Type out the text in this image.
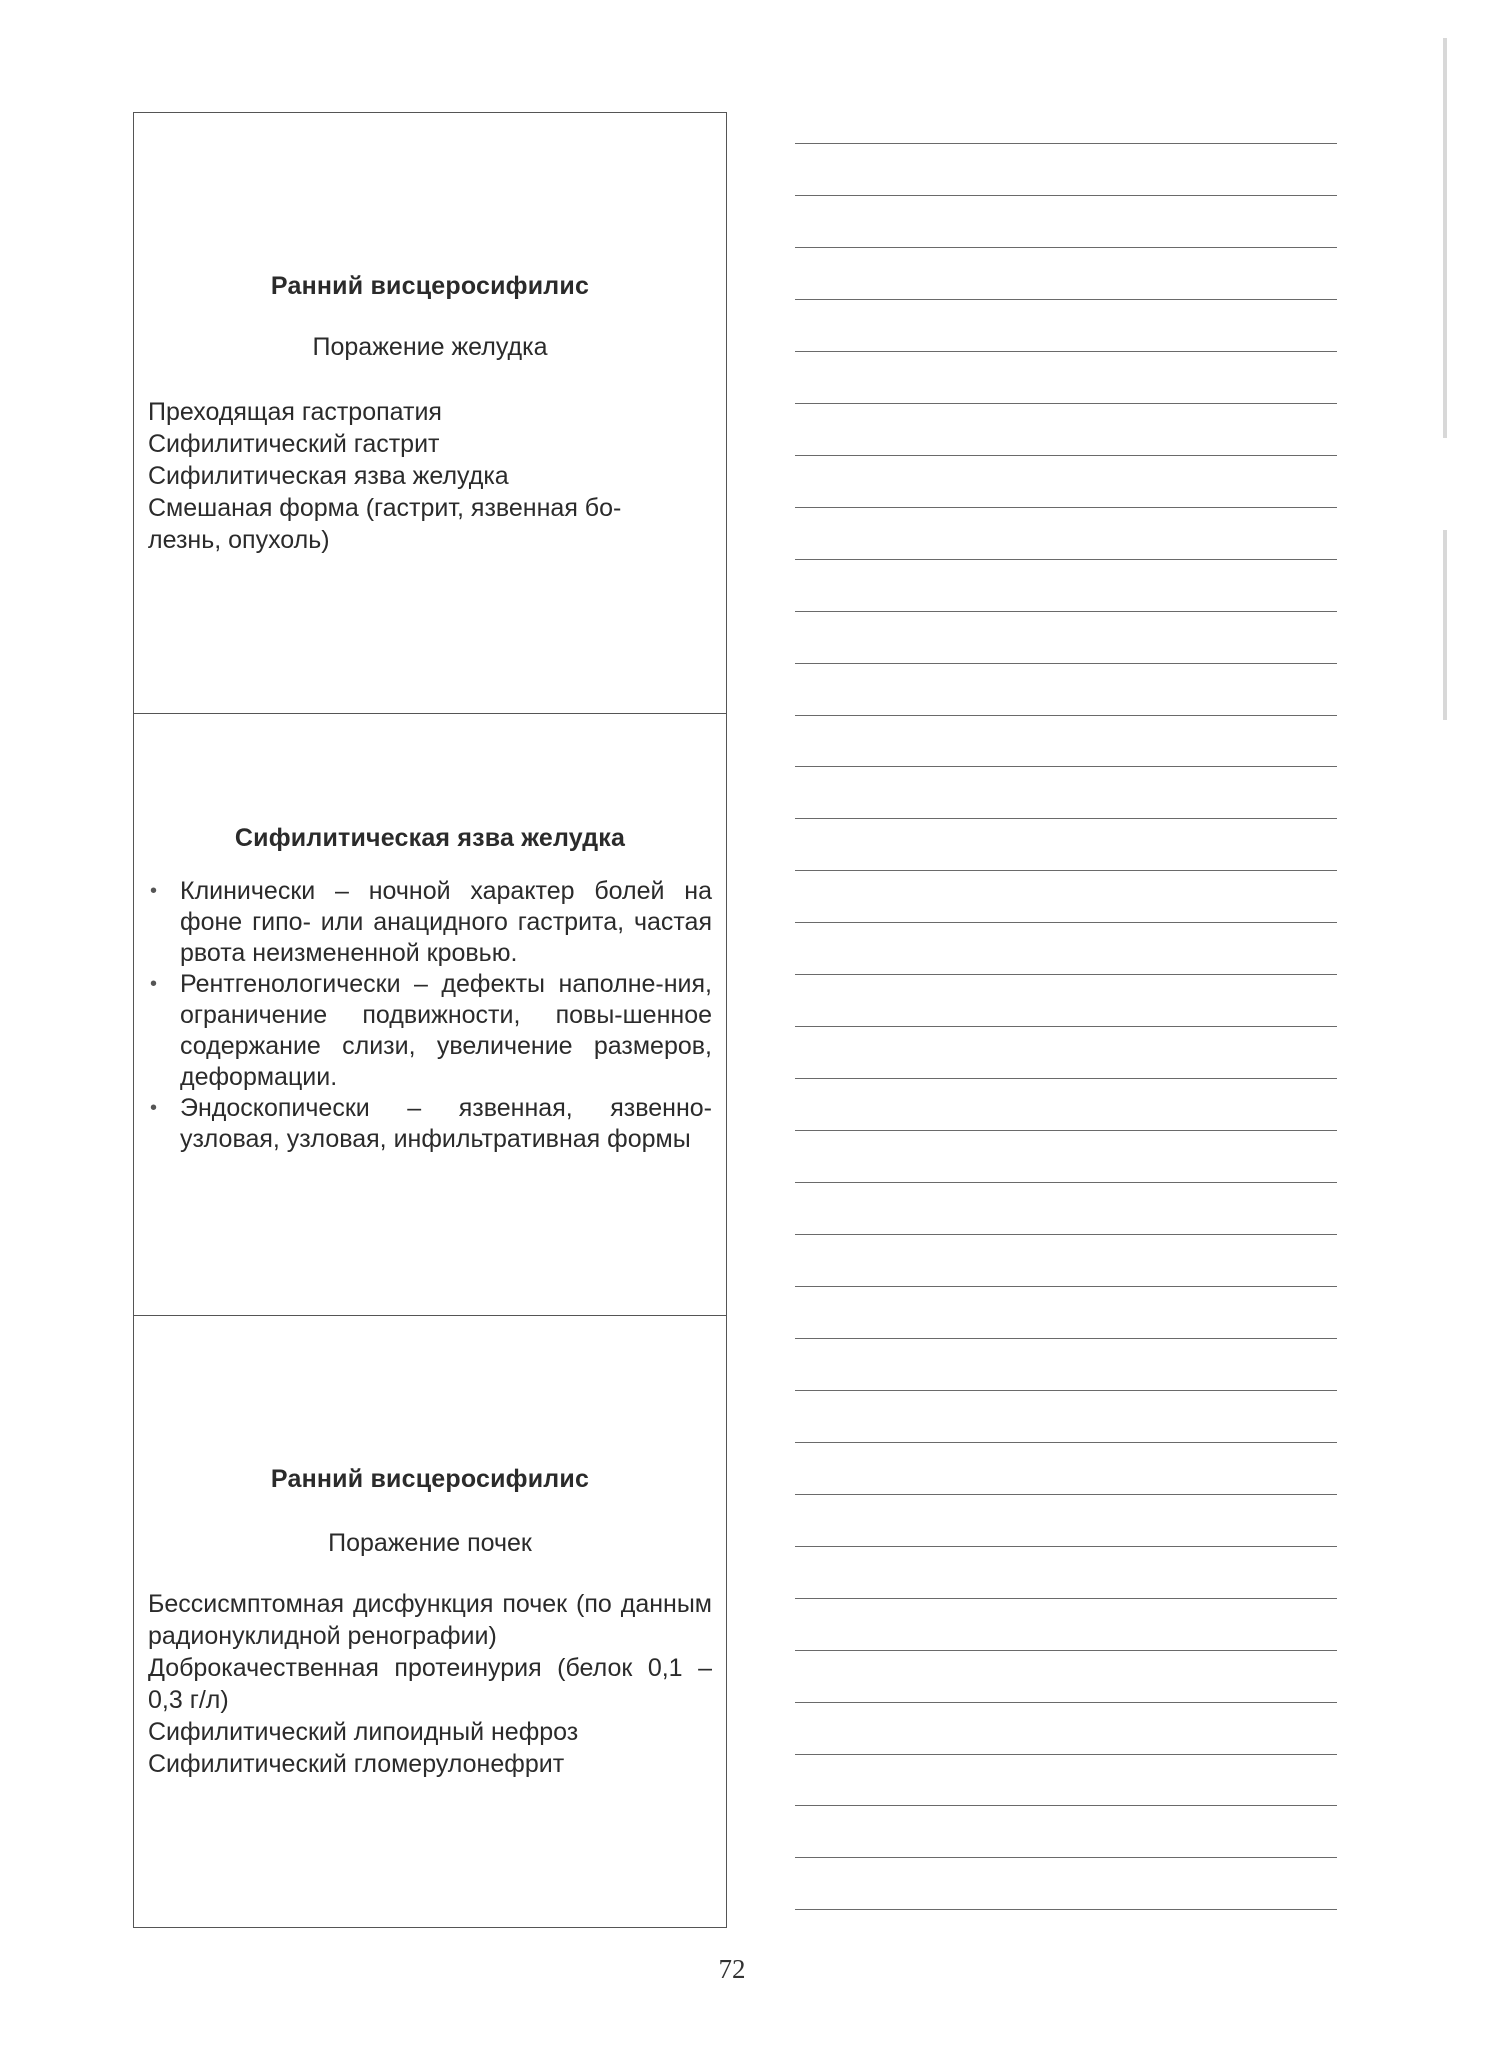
Ранний висцеросифилис

Поражение желудка

Преходящая гастропатия
Сифилитический гастрит
Сифилитическая язва желудка
Смешаная форма (гастрит, язвенная бо-
лезнь, опухоль)

Сифилитическая язва желудка

• Клинически – ночной характер болей на фоне гипо- или анацидного гастрита, частая рвота неизмененной кровью.
• Рентгенологически – дефекты наполне-ния, ограничение подвижности, повы-шенное содержание слизи, увеличение размеров, деформации.
• Эндоскопически – язвенная, язвенно-узловая, узловая, инфильтративная формы

Ранний висцеросифилис

Поражение почек

Бессисмптомная дисфункция почек (по данным радионуклидной ренографии)
Доброкачественная протеинурия (белок 0,1 – 0,3 г/л)
Сифилитический липоидный нефроз
Сифилитический гломерулонефрит
72
